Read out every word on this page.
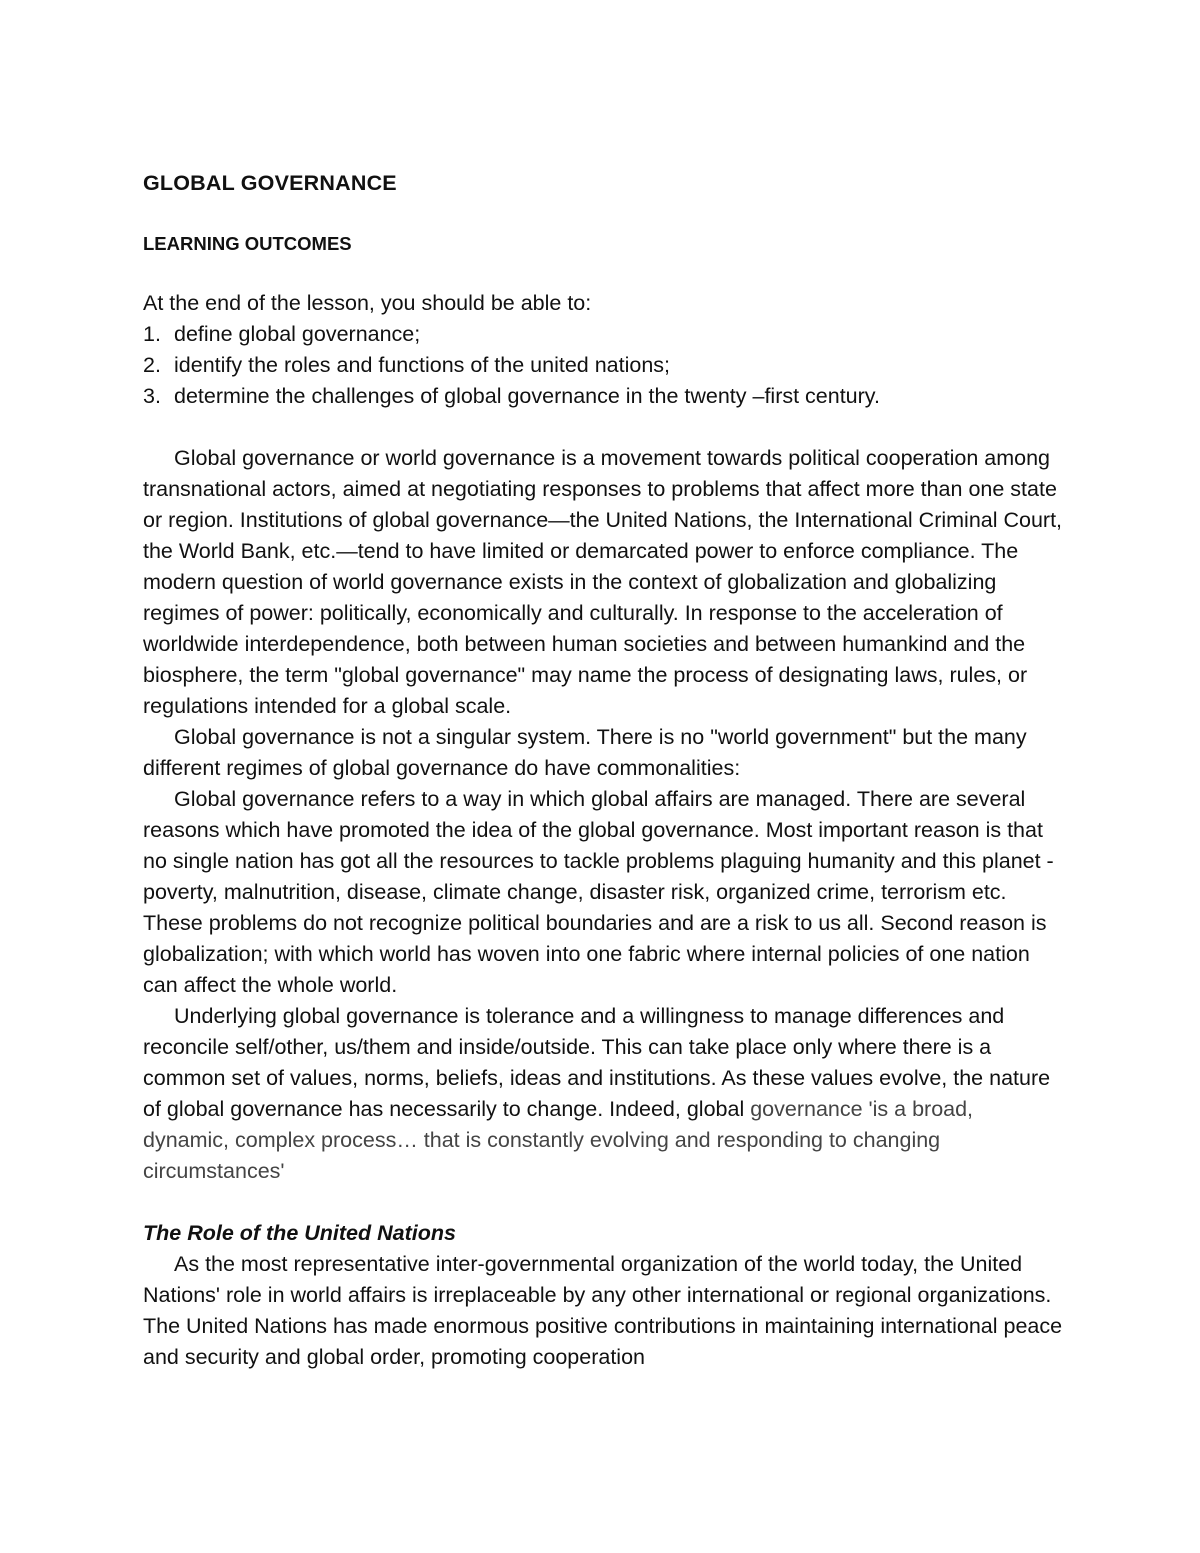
GLOBAL GOVERNANCE
LEARNING OUTCOMES
At the end of the lesson, you should be able to:
1. define global governance;
2. identify the roles and functions of the united nations;
3. determine the challenges of global governance in the twenty –first century.

Global governance or world governance is a movement towards political cooperation among transnational actors, aimed at negotiating responses to problems that affect more than one state or region. Institutions of global governance—the United Nations, the International Criminal Court, the World Bank, etc.—tend to have limited or demarcated power to enforce compliance. The modern question of world governance exists in the context of globalization and globalizing regimes of power: politically, economically and culturally. In response to the acceleration of worldwide interdependence, both between human societies and between humankind and the biosphere, the term "global governance" may name the process of designating laws, rules, or regulations intended for a global scale.

Global governance is not a singular system. There is no "world government" but the many different regimes of global governance do have commonalities:

Global governance refers to a way in which global affairs are managed. There are several reasons which have promoted the idea of the global governance. Most important reason is that no single nation has got all the resources to tackle problems plaguing humanity and this planet - poverty, malnutrition, disease, climate change, disaster risk, organized crime, terrorism etc. These problems do not recognize political boundaries and are a risk to us all. Second reason is globalization; with which world has woven into one fabric where internal policies of one nation can affect the whole world.

Underlying global governance is tolerance and a willingness to manage differences and reconcile self/other, us/them and inside/outside. This can take place only where there is a common set of values, norms, beliefs, ideas and institutions. As these values evolve, the nature of global governance has necessarily to change. Indeed, global governance 'is a broad, dynamic, complex process… that is constantly evolving and responding to changing circumstances'

The Role of the United Nations

As the most representative inter-governmental organization of the world today, the United Nations' role in world affairs is irreplaceable by any other international or regional organizations. The United Nations has made enormous positive contributions in maintaining international peace and security and global order, promoting cooperation
